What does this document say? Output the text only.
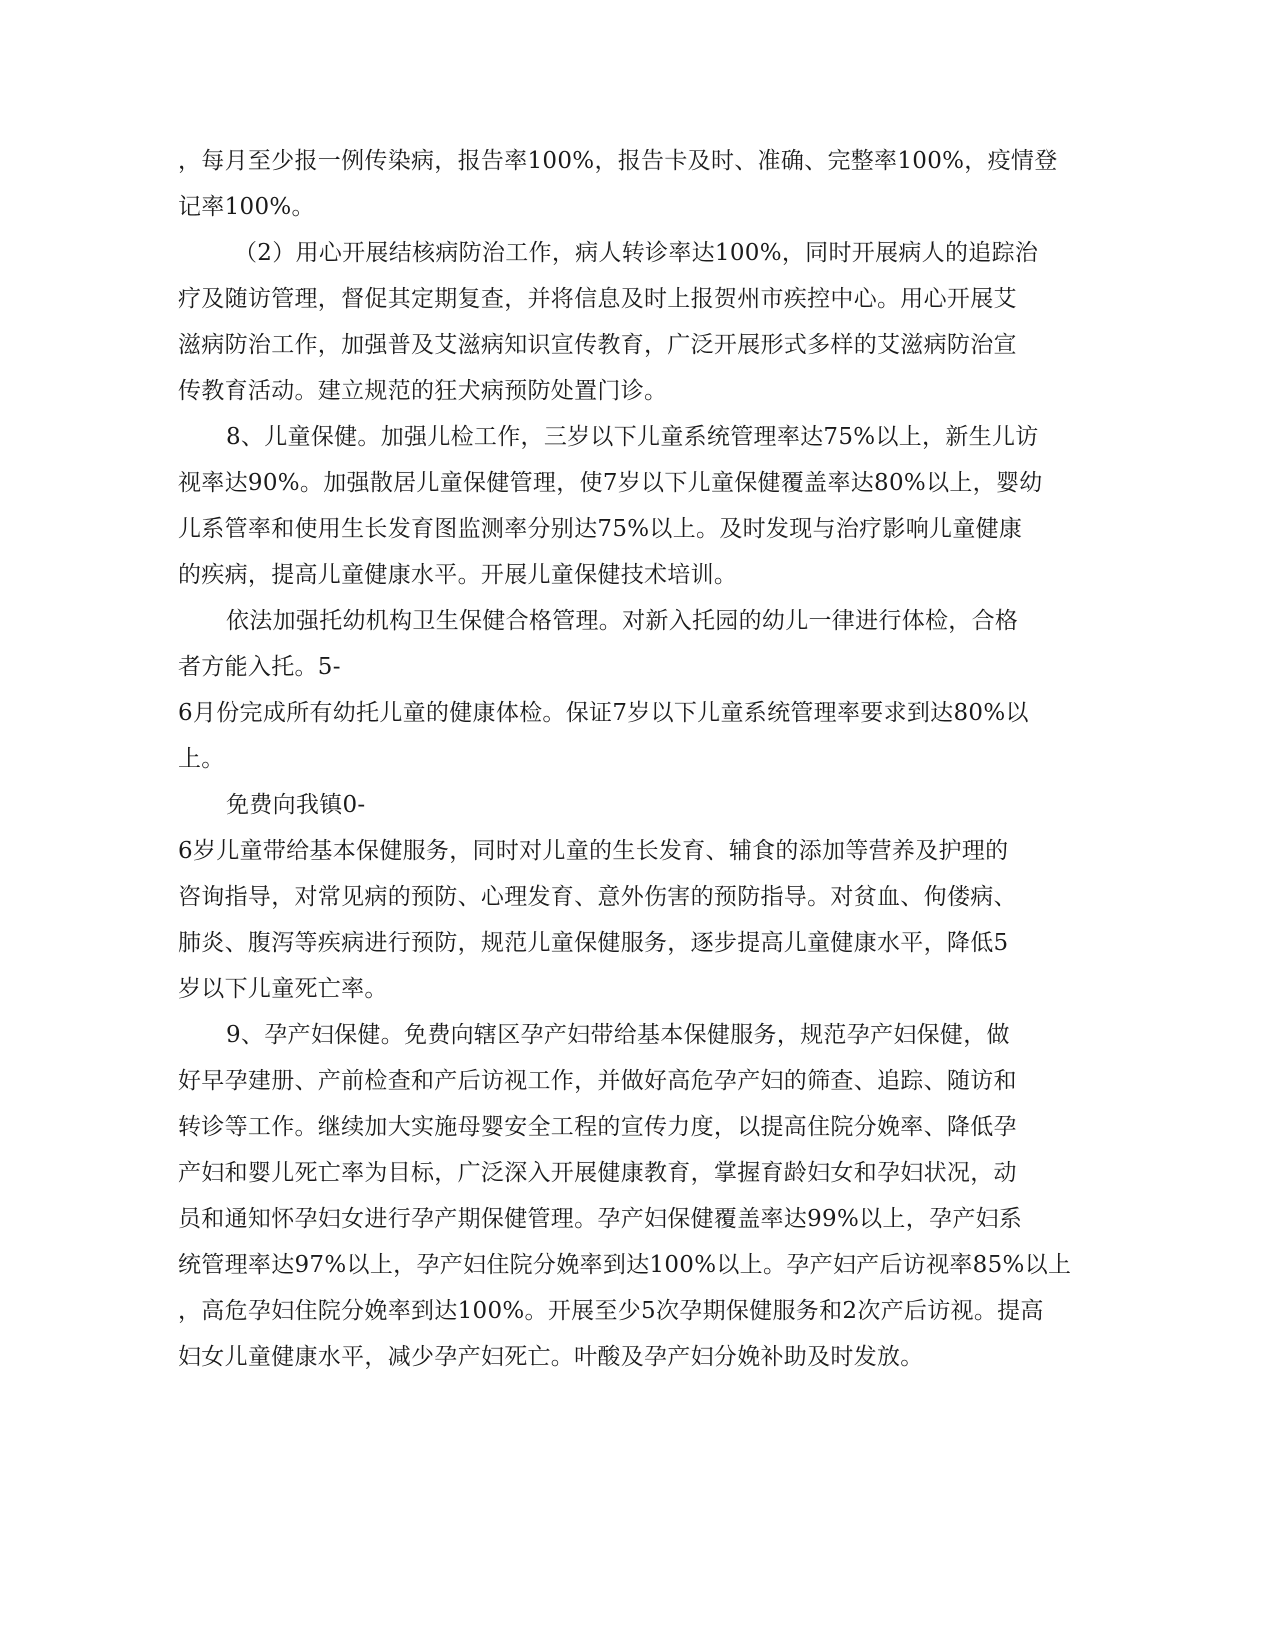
，每月至少报一例传染病，报告率100%，报告卡及时、准确、完整率100%，疫情登
记率100%。
（2）用心开展结核病防治工作，病人转诊率达100%，同时开展病人的追踪治
疗及随访管理，督促其定期复查，并将信息及时上报贺州市疾控中心。用心开展艾
滋病防治工作，加强普及艾滋病知识宣传教育，广泛开展形式多样的艾滋病防治宣
传教育活动。建立规范的狂犬病预防处置门诊。
8、儿童保健。加强儿检工作，三岁以下儿童系统管理率达75%以上，新生儿访
视率达90%。加强散居儿童保健管理，使7岁以下儿童保健覆盖率达80%以上，婴幼
儿系管率和使用生长发育图监测率分别达75%以上。及时发现与治疗影响儿童健康
的疾病，提高儿童健康水平。开展儿童保健技术培训。
依法加强托幼机构卫生保健合格管理。对新入托园的幼儿一律进行体检，合格
者方能入托。5-
6月份完成所有幼托儿童的健康体检。保证7岁以下儿童系统管理率要求到达80%以
上。
免费向我镇0-
6岁儿童带给基本保健服务，同时对儿童的生长发育、辅食的添加等营养及护理的
咨询指导，对常见病的预防、心理发育、意外伤害的预防指导。对贫血、佝偻病、
肺炎、腹泻等疾病进行预防，规范儿童保健服务，逐步提高儿童健康水平，降低5
岁以下儿童死亡率。
9、孕产妇保健。免费向辖区孕产妇带给基本保健服务，规范孕产妇保健，做
好早孕建册、产前检查和产后访视工作，并做好高危孕产妇的筛查、追踪、随访和
转诊等工作。继续加大实施母婴安全工程的宣传力度，以提高住院分娩率、降低孕
产妇和婴儿死亡率为目标，广泛深入开展健康教育，掌握育龄妇女和孕妇状况，动
员和通知怀孕妇女进行孕产期保健管理。孕产妇保健覆盖率达99%以上，孕产妇系
统管理率达97%以上，孕产妇住院分娩率到达100%以上。孕产妇产后访视率85%以上
，高危孕妇住院分娩率到达100%。开展至少5次孕期保健服务和2次产后访视。提高
妇女儿童健康水平，减少孕产妇死亡。叶酸及孕产妇分娩补助及时发放。
